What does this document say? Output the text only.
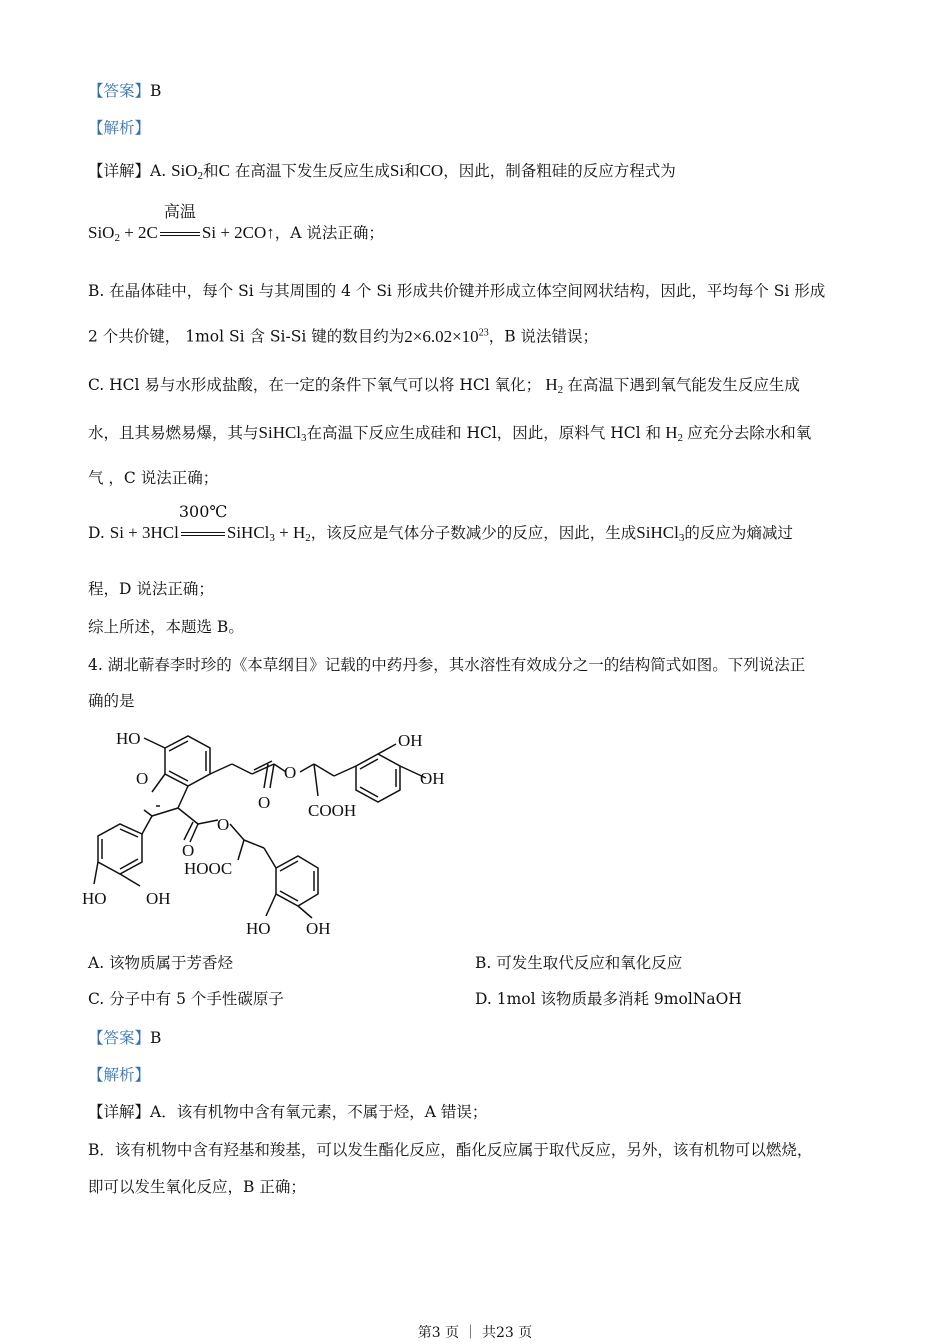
【答案】B
【解析】
【详解】A. SiO$_2$和C 在高温下发生反应生成Si和CO，因此，制备粗硅的反应方程式为
SiO$_2$ + 2C
高温
Si + 2CO↑，A 说法正确；
B. 在晶体硅中，每个 Si 与其周围的 4 个 Si 形成共价键并形成立体空间网状结构，因此，平均每个 Si 形成
2 个共价键， 1mol Si 含 Si-Si 键的数目约为$2\times 6.02\times 10^{23}$，B 说法错误；
C. HCl 易与水形成盐酸，在一定的条件下氧气可以将 HCl 氧化； $H_2$ 在高温下遇到氧气能发生反应生成
水，且其易燃易爆，其与SiHCl$_3$在高温下反应生成硅和 HCl，因此，原料气 HCl 和 $H_2$ 应充分去除水和氧
气 ，C 说法正确；
D. Si + 3HCl
300℃
SiHCl$_3$ + $H_2$，该反应是气体分子数减少的反应，因此，生成SiHCl$_3$的反应为熵减过
程，D 说法正确；
综上所述，本题选 B。
4. 湖北蕲春李时珍的《本草纲目》记载的中药丹参，其水溶性有效成分之一的结构简式如图。下列说法正
确的是
HO
O	O
O COOH
OH
OH
O
O
HOOC
HO OH
HO OH
A. 该物质属于芳香烃	B. 可发生取代反应和氧化反应
C. 分子中有 5 个手性碳原子	D. 1mol 该物质最多消耗 9molNaOH
【答案】B
【解析】
【详解】A．该有机物中含有氧元素，不属于烃，A 错误；
B．该有机物中含有羟基和羧基，可以发生酯化反应，酯化反应属于取代反应，另外，该有机物可以燃烧，
即可以发生氧化反应，B 正确；
第3 页 ｜ 共23 页
